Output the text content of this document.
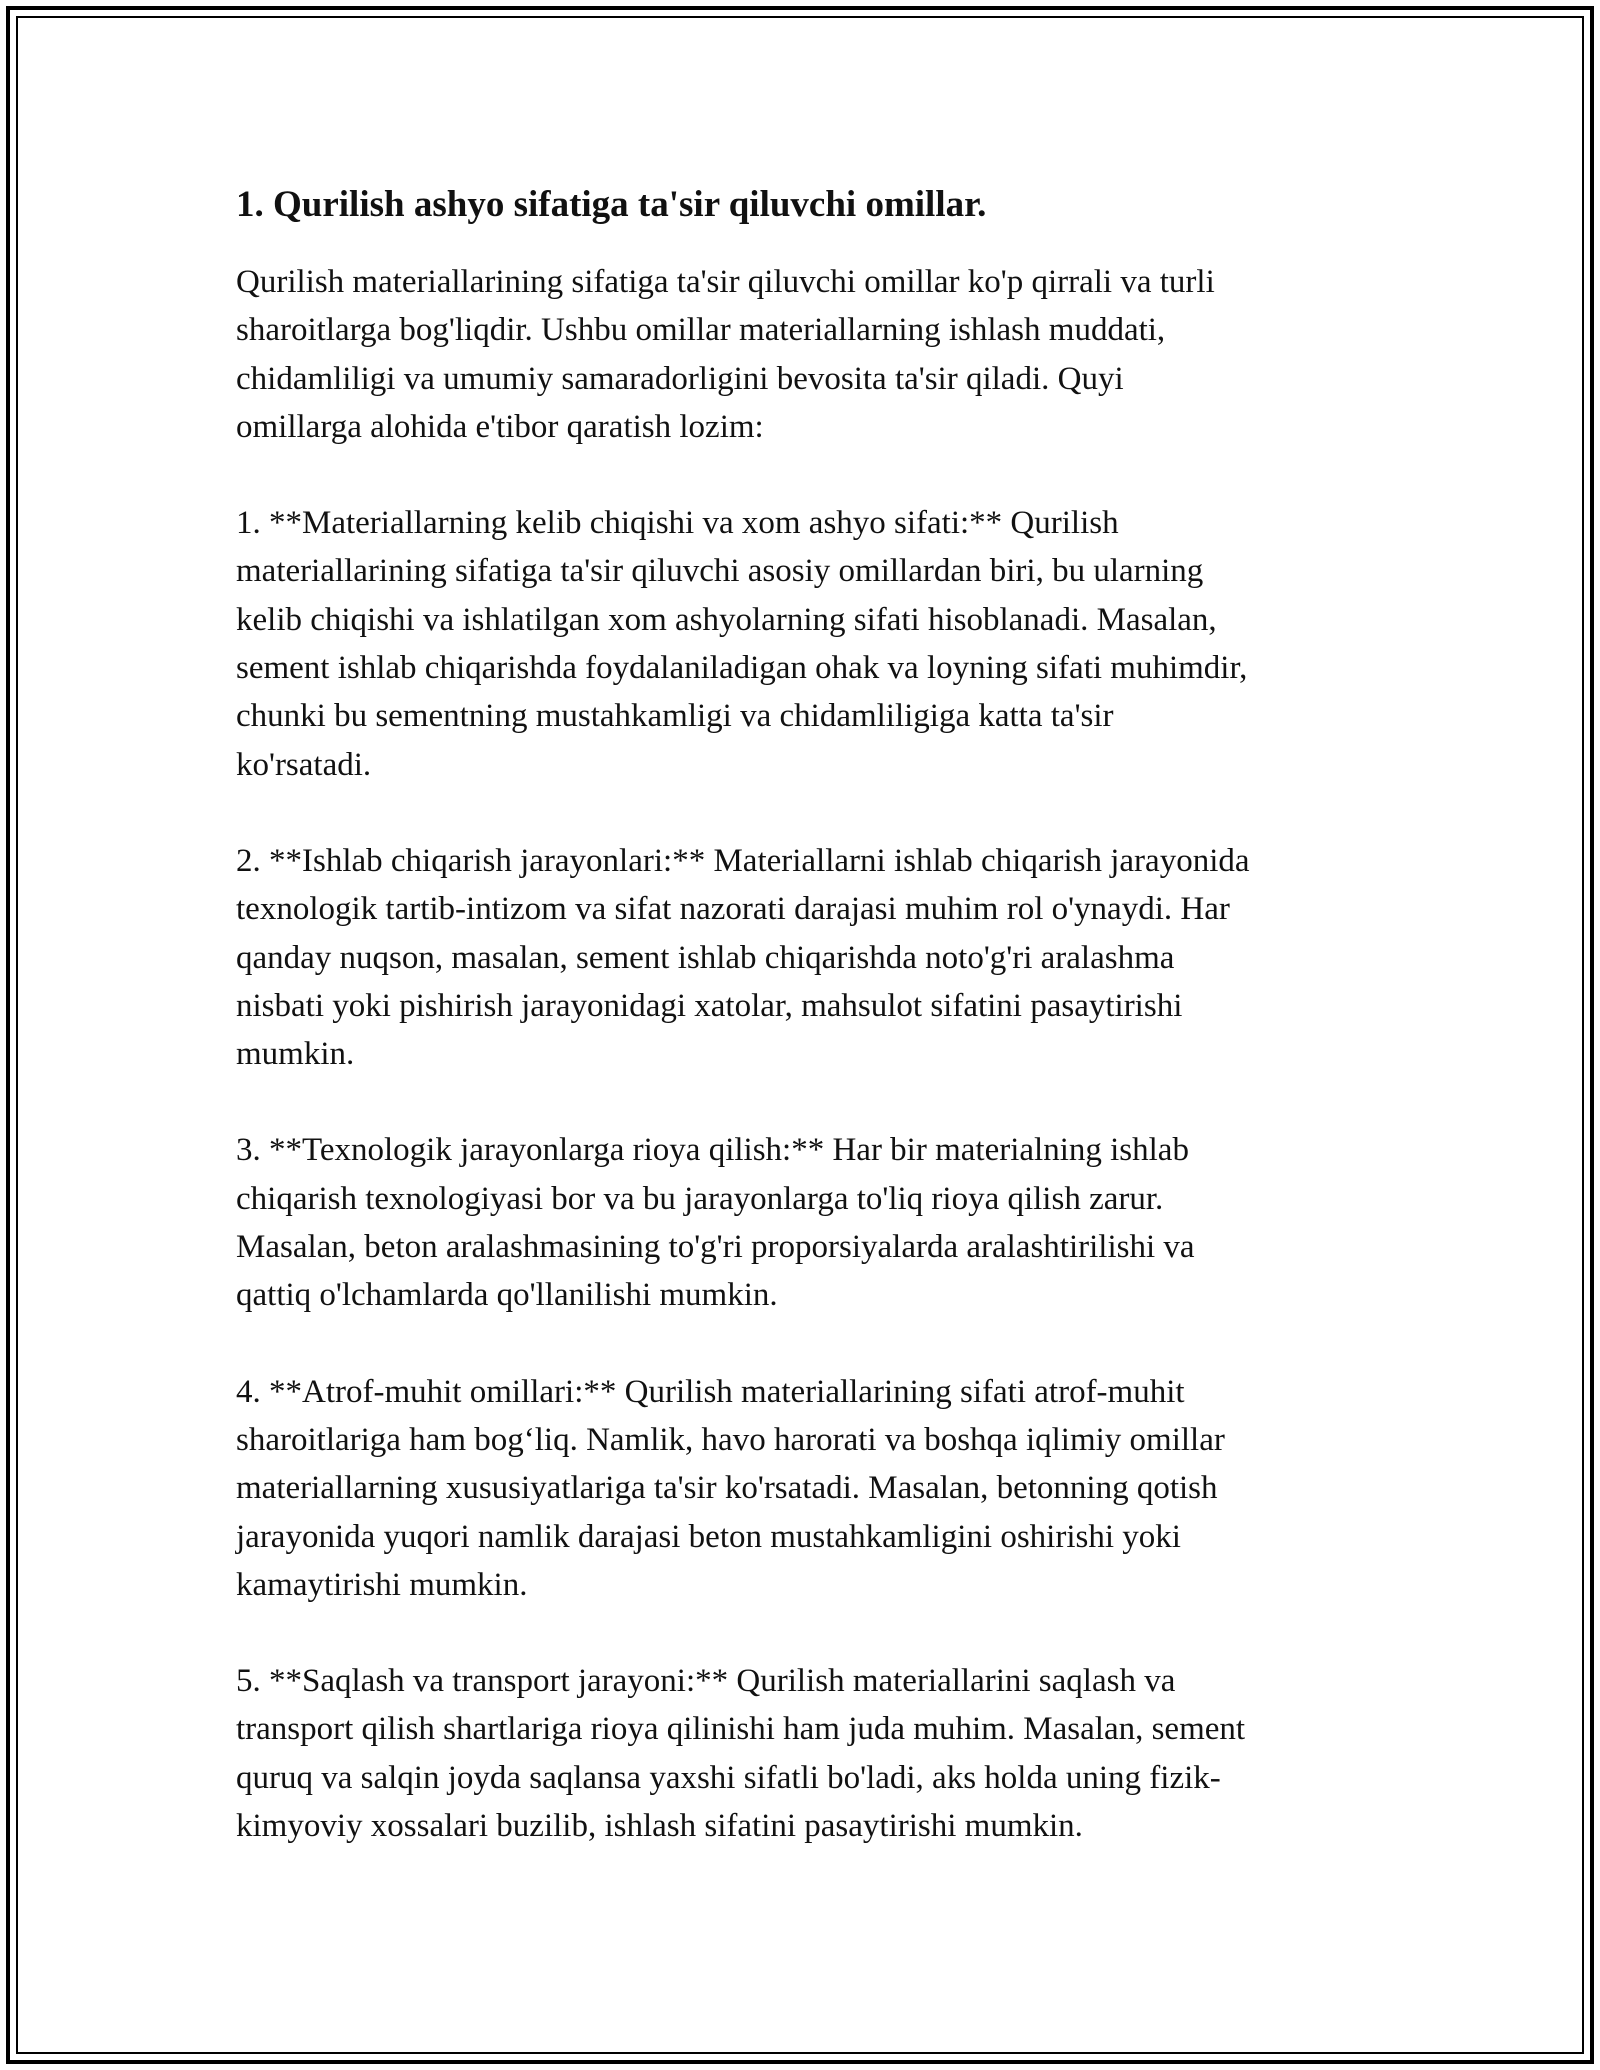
1. Qurilish ashyo sifatiga ta'sir qiluvchi omillar.

Qurilish materiallarining sifatiga ta'sir qiluvchi omillar ko'p qirrali va turli
sharoitlarga bog'liqdir. Ushbu omillar materiallarning ishlash muddati,
chidamliligi va umumiy samaradorligini bevosita ta'sir qiladi. Quyi
omillarga alohida e'tibor qaratish lozim:

1. **Materiallarning kelib chiqishi va xom ashyo sifati:** Qurilish
materiallarining sifatiga ta'sir qiluvchi asosiy omillardan biri, bu ularning
kelib chiqishi va ishlatilgan xom ashyolarning sifati hisoblanadi. Masalan,
sement ishlab chiqarishda foydalaniladigan ohak va loyning sifati muhimdir,
chunki bu sementning mustahkamligi va chidamliligiga katta ta'sir
ko'rsatadi.

2. **Ishlab chiqarish jarayonlari:** Materiallarni ishlab chiqarish jarayonida
texnologik tartib-intizom va sifat nazorati darajasi muhim rol o'ynaydi. Har
qanday nuqson, masalan, sement ishlab chiqarishda noto'g'ri aralashma
nisbati yoki pishirish jarayonidagi xatolar, mahsulot sifatini pasaytirishi
mumkin.

3. **Texnologik jarayonlarga rioya qilish:** Har bir materialning ishlab
chiqarish texnologiyasi bor va bu jarayonlarga to'liq rioya qilish zarur.
Masalan, beton aralashmasining to'g'ri proporsiyalarda aralashtirilishi va
qattiq o'lchamlarda qo'llanilishi mumkin.

4. **Atrof-muhit omillari:** Qurilish materiallarining sifati atrof-muhit
sharoitlariga ham bog‘liq. Namlik, havo harorati va boshqa iqlimiy omillar
materiallarning xususiyatlariga ta'sir ko'rsatadi. Masalan, betonning qotish
jarayonida yuqori namlik darajasi beton mustahkamligini oshirishi yoki
kamaytirishi mumkin.

5. **Saqlash va transport jarayoni:** Qurilish materiallarini saqlash va
transport qilish shartlariga rioya qilinishi ham juda muhim. Masalan, sement
quruq va salqin joyda saqlansa yaxshi sifatli bo'ladi, aks holda uning fizik-
kimyoviy xossalari buzilib, ishlash sifatini pasaytirishi mumkin.
